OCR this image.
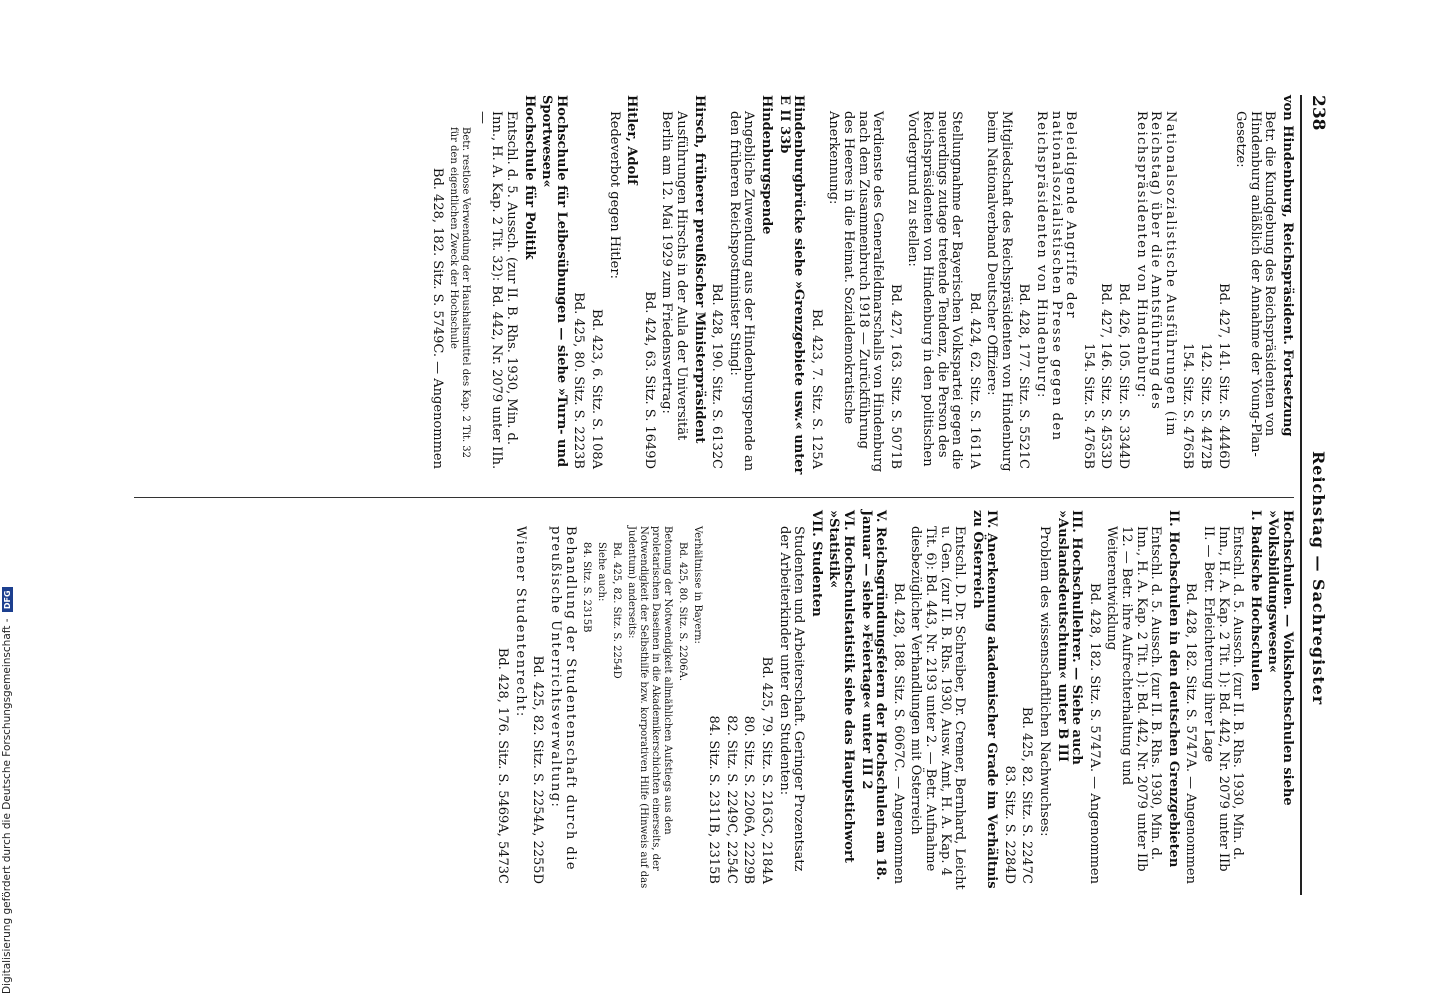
Digitalisierung gefördert durch die Deutsche Forschungsgemeinschaft - DFG
238
Reichstag — Sachregister
von Hindenburg, Reichspräsident. Fortsetzung
Betr. die Kundgebung des Reichspräsidenten von Hindenburg anläßlich der Annahme der Young-Plan-Gesetze:
Bd. 427, 141. Sitz. S. 4446D
142. Sitz. S. 4472B
154. Sitz. S. 4765B
Nationalsozialistische Ausführungen (im Reichstag) über die Amtsführung des Reichspräsidenten von Hindenburg:
Bd. 426, 105. Sitz. S. 3344D
Bd. 427, 146. Sitz. S. 4533D
154. Sitz. S. 4765B
Beleidigende Angriffe der nationalsozialistischen Presse gegen den Reichspräsidenten von Hindenburg:
Bd. 428, 177. Sitz. S. 5521C
Mitgliedschaft des Reichspräsidenten von Hindenburg beim Nationalverband Deutscher Offiziere:
Bd. 424, 62. Sitz. S. 1611A
Stellungnahme der Bayerischen Volkspartei gegen die neuerdings zutage tretende Tendenz, die Person des Reichspräsidenten von Hindenburg in den politischen Vordergrund zu stellen:
Bd. 427, 163. Sitz. S. 5071B
Verdienste des Generalfeldmarschalls von Hindenburg nach dem Zusammenbruch 1918 — Zurückführung des Heeres in die Heimat. Sozialdemokratische Anerkennung:
Bd. 423, 7. Sitz. S. 125A
Hindenburgbrücke siehe »Grenzgebiete usw.« unter E II 33b
Hindenburgspende
Angebliche Zuwendung aus der Hindenburgspende an den früheren Reichspostminister Stingl:
Bd. 428, 190. Sitz. S. 6132C
Hirsch, früherer preußischer Ministerpräsident
Ausführungen Hirschs in der Aula der Universität Berlin am 12. Mai 1929 zum Friedensvertrag:
Bd. 424, 63. Sitz. S. 1649D
Hitler, Adolf
Redeverbot gegen Hitler:
Bd. 423, 6. Sitz. S. 108A
Bd. 425, 80. Sitz. S. 2223B
Hochschule für Leibesübungen — siehe »Turn- und Sportwesen«
Hochschule für Politik
Entschl. d. 5. Aussch. (zur II. B. Rhs. 1930, Min. d. Inn., H. A. Kap. 2 Tit. 32): Bd. 442, Nr. 2079 unter IIh. —
Betr. restlose Verwendung der Haushaltsmittel des Kap. 2 Tit. 32 für den eigentlichen Zweck der Hochschule
Bd. 428, 182. Sitz. S. 5749C. — Angenommen
Hochschulen. — Volkshochschulen siehe »Volksbildungswesen«
I. Badische Hochschulen
Entschl. d. 5. Aussch. (zur II. B. Rhs. 1930, Min. d. Inn., H. A. Kap. 2 Tit. 1): Bd. 442, Nr. 2079 unter IIb II. — Betr. Erleichterung ihrer Lage
Bd. 428, 182. Sitz. S. 5747A. — Angenommen
II. Hochschulen in den deutschen Grenzgebieten
Entschl. d. 5. Aussch. (zur II. B. Rhs. 1930, Min. d. Inn., H. A. Kap. 2 Tit. 1): Bd. 442, Nr. 2079 unter IIb 12. — Betr. ihre Aufrechterhaltung und Weiterentwicklung
Bd. 428, 182. Sitz. S. 5747A. — Angenommen
III. Hochschullehrer. — Siehe auch »Auslandsdeutschtum« unter B III
Problem des wissenschaftlichen Nachwuchses:
Bd. 425, 82. Sitz. S. 2247C
83. Sitz. S. 2284D
IV. Anerkennung akademischer Grade im Verhältnis zu Österreich
Entschl. D. Dr. Schreiber, Dr. Cremer, Bernhard, Leicht u. Gen. (zur II. B. Rhs. 1930, Ausw. Amt, H. A. Kap. 4 Tit. 6): Bd. 443, Nr. 2193 unter 2. — Betr. Aufnahme diesbezüglicher Verhandlungen mit Österreich
Bd. 428, 188. Sitz. S. 6067C. — Angenommen
V. Reichsgründungsfeiern der Hochschulen am 18. Januar — siehe »Feiertage« unter III 2
VI. Hochschulstatistik siehe das Hauptstichwort »Statistik«
VII. Studenten
Studenten und Arbeiterschaft. Geringer Prozentsatz der Arbeiterkinder unter den Studenten:
Bd. 425, 79. Sitz. S. 2163C, 2184A
80. Sitz. S. 2206A, 2229B
82. Sitz. S. 2249C, 2254C
84. Sitz. S. 2311B, 2315B
Verhältnisse in Bayern:
Bd. 425, 80. Sitz. S. 2206A.
Betonung der Notwendigkeit allmählichen Aufstiegs aus den proletarischen Daseinen in die Akademikerschichten einerseits, der Notwendigkeit der Selbsthilfe bzw. korporativen Hilfe (Hinweis auf das Judentum) anderseits:
Bd. 425, 82. Sitz. S. 2254D
Siehe auch:
84. Sitz. S. 2315B
Behandlung der Studentenschaft durch die preußische Unterrichtsverwaltung:
Bd. 425, 82. Sitz. S. 2254A, 2255D
Wiener Studentenrecht:
Bd. 428, 176. Sitz. S. 5469A, 5473C
